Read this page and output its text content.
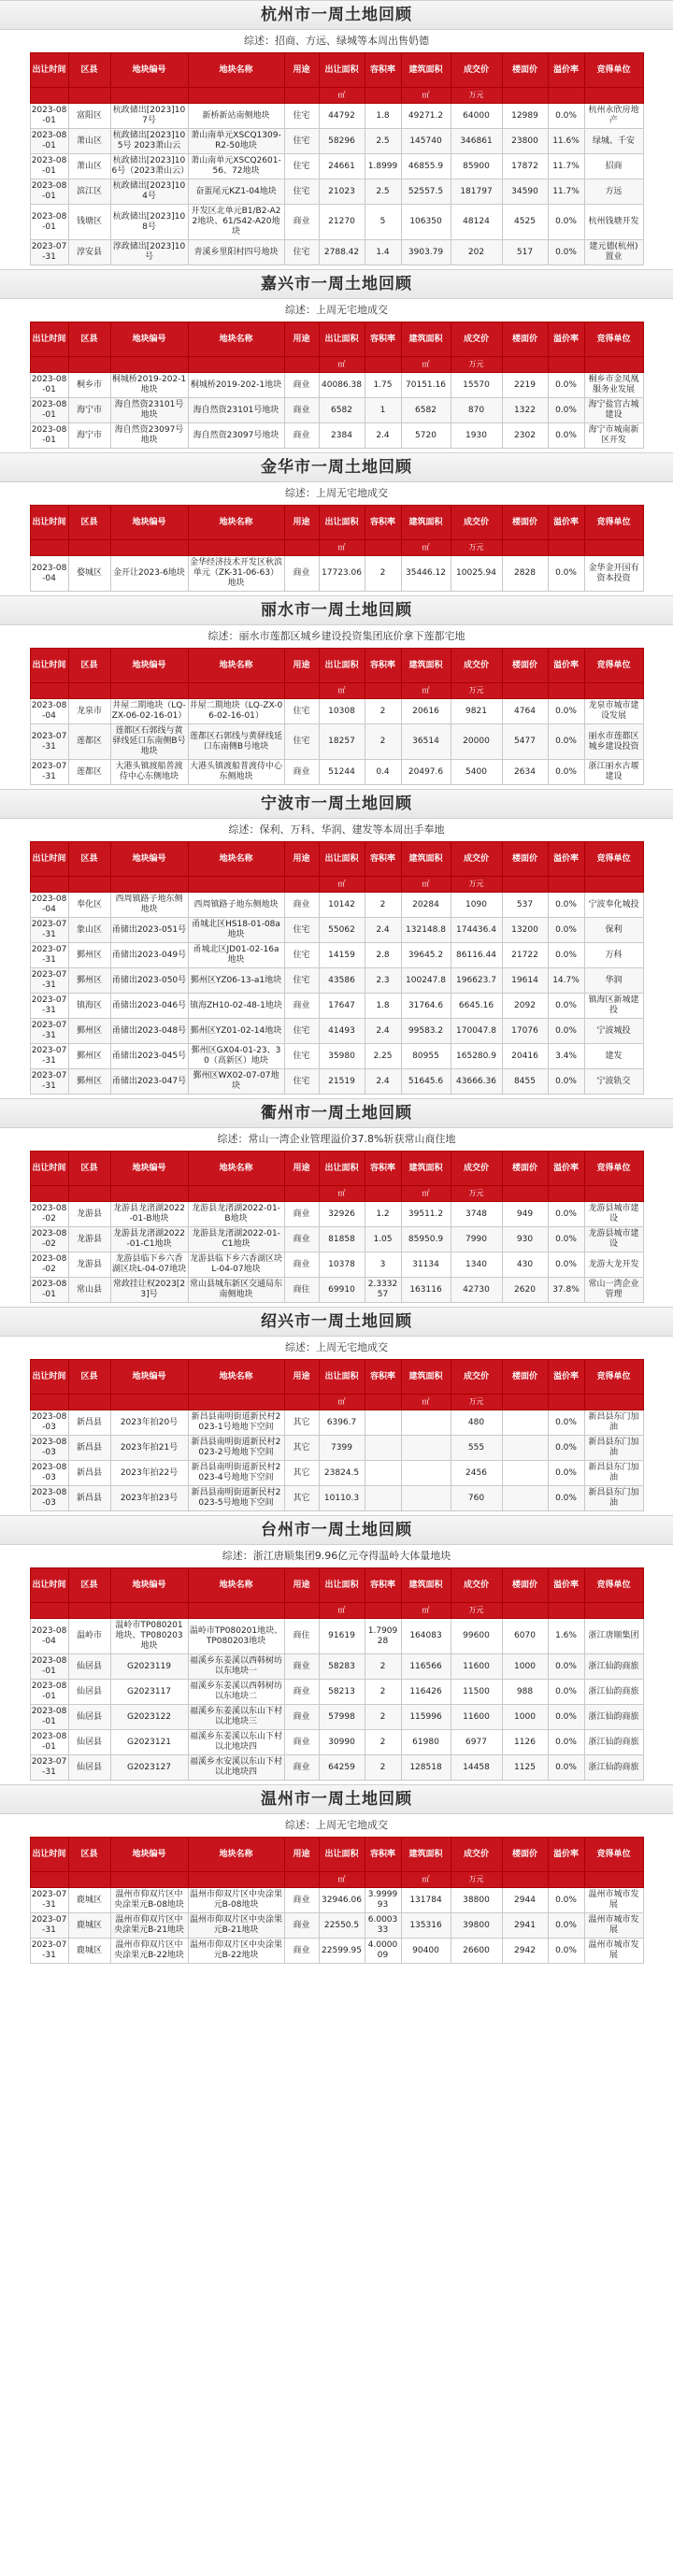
杭州市一周土地回顾
综述：招商、方远、绿城等本周出售奶德
出让时间	区县	地块编号	地块名称	用途	出让面积	容积率	建筑面积	成交价	楼面价	溢价率	竞得单位
					㎡		㎡	万元			
2023-08-01	富阳区	杭政储出[2023]107号	新桥新站南侧地块	住宅	44792	1.8	49271.2	64000	12989	0.0%	杭州永欣房地产
2023-08-01	萧山区	杭政储出[2023]105号 2023萧山云	萧山南单元XSCQ1309-R2-50地块	住宅	58296	2.5	145740	346861	23800	11.6%	绿城、千安
2023-08-01	萧山区	杭政储出[2023]106号（2023萧山云）	萧山南单元XSCQ2601-56、72地块	住宅	24661	1.8999	46855.9	85900	17872	11.7%	招商
2023-08-01	滨江区	杭政储出[2023]104号	奋蛋尾元KZ1-04地块	住宅	21023	2.5	52557.5	181797	34590	11.7%	方远
2023-08-01	钱塘区	杭政储出[2023]108号	开发区北单元B1/B2-A22地块、61/S42-A20地块	商业	21270	5	106350	48124	4525	0.0%	杭州钱塘开发
2023-07-31	淳安县	淳政储出[2023]10号	青溪乡里阳村四号地块	住宅	2788.42	1.4	3903.79	202	517	0.0%	建元德(杭州)置业
嘉兴市一周土地回顾
综述：上周无宅地成交
出让时间	区县	地块编号	地块名称	用途	出让面积	容积率	建筑面积	成交价	楼面价	溢价率	竞得单位
					㎡		㎡	万元			
2023-08-01	桐乡市	桐城桥2019-202-1地块	桐城桥2019-202-1地块	商业	40086.38	1.75	70151.16	15570	2219	0.0%	桐乡市金凤凰服务业发展
2023-08-01	海宁市	海自然资23101号地块	海自然资23101号地块	商业	6582	1	6582	870	1322	0.0%	海宁盐官古城建设
2023-08-01	海宁市	海自然资23097号地块	海自然资23097号地块	商业	2384	2.4	5720	1930	2302	0.0%	海宁市城南新区开发
金华市一周土地回顾
综述：上周无宅地成交
出让时间	区县	地块编号	地块名称	用途	出让面积	容积率	建筑面积	成交价	楼面价	溢价率	竞得单位
					㎡		㎡	万元			
2023-08-04	婺城区	金开让2023-6地块	金华经济技术开发区秋滨单元（ZK-31-06-63）地块	商业	17723.06	2	35446.12	10025.94	2828	0.0%	金华金开国有资本投资
丽水市一周土地回顾
综述：丽水市莲都区城乡建设投资集团底价拿下莲都宅地
出让时间	区县	地块编号	地块名称	用途	出让面积	容积率	建筑面积	成交价	楼面价	溢价率	竞得单位
					㎡		㎡	万元			
2023-08-04	龙泉市	井屋二期地块（LQ-ZX-06-02-16-01）	井屋二期地块（LQ-ZX-06-02-16-01）	住宅	10308	2	20616	9821	4764	0.0%	龙泉市城市建设发展
2023-07-31	莲都区	莲都区石郭线与黄驿线延口东南侧B号地块	莲都区石郭线与黄驿线延口东南侧B号地块	住宅	18257	2	36514	20000	5477	0.0%	丽水市莲都区城乡建设投资
2023-07-31	莲都区	大港头镇渡船普渡侍中心东侧地块	大港头镇渡船普渡侍中心东侧地块	商业	51244	0.4	20497.6	5400	2634	0.0%	浙江丽水古堰建设
宁波市一周土地回顾
综述：保利、万科、华润、建发等本周出手奉地
出让时间	区县	地块编号	地块名称	用途	出让面积	容积率	建筑面积	成交价	楼面价	溢价率	竞得单位
					㎡		㎡	万元			
2023-08-04	奉化区	西周镇路子地东侧地块	西周镇路子地东侧地块	商业	10142	2	20284	1090	537	0.0%	宁波奉化城投
2023-07-31	象山区	甬储出2023-051号	甬城北区HS18-01-08a地块	住宅	55062	2.4	132148.8	174436.4	13200	0.0%	保利
2023-07-31	鄞州区	甬储出2023-049号	甬城北区JD01-02-16a地块	住宅	14159	2.8	39645.2	86116.44	21722	0.0%	万科
2023-07-31	鄞州区	甬储出2023-050号	鄞州区YZ06-13-a1地块	住宅	43586	2.3	100247.8	196623.7	19614	14.7%	华润
2023-07-31	镇海区	甬储出2023-046号	镇海ZH10-02-48-1地块	商业	17647	1.8	31764.6	6645.16	2092	0.0%	镇海区新城建投
2023-07-31	鄞州区	甬储出2023-048号	鄞州区YZ01-02-14地块	住宅	41493	2.4	99583.2	170047.8	17076	0.0%	宁波城投
2023-07-31	鄞州区	甬储出2023-045号	鄞州区GX04-01-23、30（高新区）地块	住宅	35980	2.25	80955	165280.9	20416	3.4%	建发
2023-07-31	鄞州区	甬储出2023-047号	鄞州区WX02-07-07地块	住宅	21519	2.4	51645.6	43666.36	8455	0.0%	宁波轨交
衢州市一周土地回顾
综述：常山一湾企业管理溢价37.8%斩获常山商住地
出让时间	区县	地块编号	地块名称	用途	出让面积	容积率	建筑面积	成交价	楼面价	溢价率	竞得单位
					㎡		㎡	万元			
2023-08-02	龙游县	龙游县龙渚湖2022-01-B地块	龙游县龙渚湖2022-01-B地块	商业	32926	1.2	39511.2	3748	949	0.0%	龙游县城市建设
2023-08-02	龙游县	龙游县龙渚湖2022-01-C1地块	龙游县龙渚湖2022-01-C1地块	商业	81858	1.05	85950.9	7990	930	0.0%	龙游县城市建设
2023-08-02	龙游县	龙游县临下乡六香湖区块L-04-07地块	龙游县临下乡六香湖区块L-04-07地块	商业	10378	3	31134	1340	430	0.0%	龙游大龙开发
2023-08-01	常山县	常政挂让权2023[23]号	常山县城东新区交通局东南侧地块	商住	69910	2.3332 57	163116	42730	2620	37.8%	常山一湾企业管理
绍兴市一周土地回顾
综述：上周无宅地成交
出让时间	区县	地块编号	地块名称	用途	出让面积	容积率	建筑面积	成交价	楼面价	溢价率	竞得单位
					㎡		㎡	万元			
2023-08-03	新昌县	2023年拍20号	新昌县南明街道新民村2023-1号地地下空间	其它	6396.7			480		0.0%	新昌县东门加油
2023-08-03	新昌县	2023年拍21号	新昌县南明街道新民村2023-2号地地下空间	其它	7399			555		0.0%	新昌县东门加油
2023-08-03	新昌县	2023年拍22号	新昌县南明街道新民村2023-4号地地下空间	其它	23824.5			2456		0.0%	新昌县东门加油
2023-08-03	新昌县	2023年拍23号	新昌县南明街道新民村2023-5号地地下空间	其它	10110.3			760		0.0%	新昌县东门加油
台州市一周土地回顾
综述：浙江唐顺集团9.96亿元夺得温岭大体量地块
出让时间	区县	地块编号	地块名称	用途	出让面积	容积率	建筑面积	成交价	楼面价	溢价率	竞得单位
					㎡		㎡	万元			
2023-08-04	温岭市	温岭市TP080201地块、TP080203地块	温岭市TP080201地块、TP080203地块	商住	91619	1.7909 28	164083	99600	6070	1.6%	浙江唐顺集团
2023-08-01	仙居县	G2023119	福溪乡东姜溪以西韩树坊以东地块一	商业	58283	2	116566	11600	1000	0.0%	浙江仙韵商旅
2023-08-01	仙居县	G2023117	福溪乡东姜溪以西韩树坊以东地块二	商业	58213	2	116426	11500	988	0.0%	浙江仙韵商旅
2023-08-01	仙居县	G2023122	福溪乡东姜溪以东山下村以北地块三	商业	57998	2	115996	11600	1000	0.0%	浙江仙韵商旅
2023-08-01	仙居县	G2023121	福溪乡东姜溪以东山下村以北地块四	商业	30990	2	61980	6977	1126	0.0%	浙江仙韵商旅
2023-07-31	仙居县	G2023127	福溪乡水安溪以东山下村以北地块四	商业	64259	2	128518	14458	1125	0.0%	浙江仙韵商旅
温州市一周土地回顾
综述：上周无宅地成交
出让时间	区县	地块编号	地块名称	用途	出让面积	容积率	建筑面积	成交价	楼面价	溢价率	竞得单位
					㎡		㎡	万元			
2023-07-31	鹿城区	温州市仰双片区中央涂果元B-08地块	温州市仰双片区中央涂果元B-08地块	商业	32946.06	3.9999 93	131784	38800	2944	0.0%	温州市城市发展
2023-07-31	鹿城区	温州市仰双片区中央涂果元B-21地块	温州市仰双片区中央涂果元B-21地块	商业	22550.5	6.0003 33	135316	39800	2941	0.0%	温州市城市发展
2023-07-31	鹿城区	温州市仰双片区中央涂果元B-22地块	温州市仰双片区中央涂果元B-22地块	商业	22599.95	4.0000 09	90400	26600	2942	0.0%	温州市城市发展
